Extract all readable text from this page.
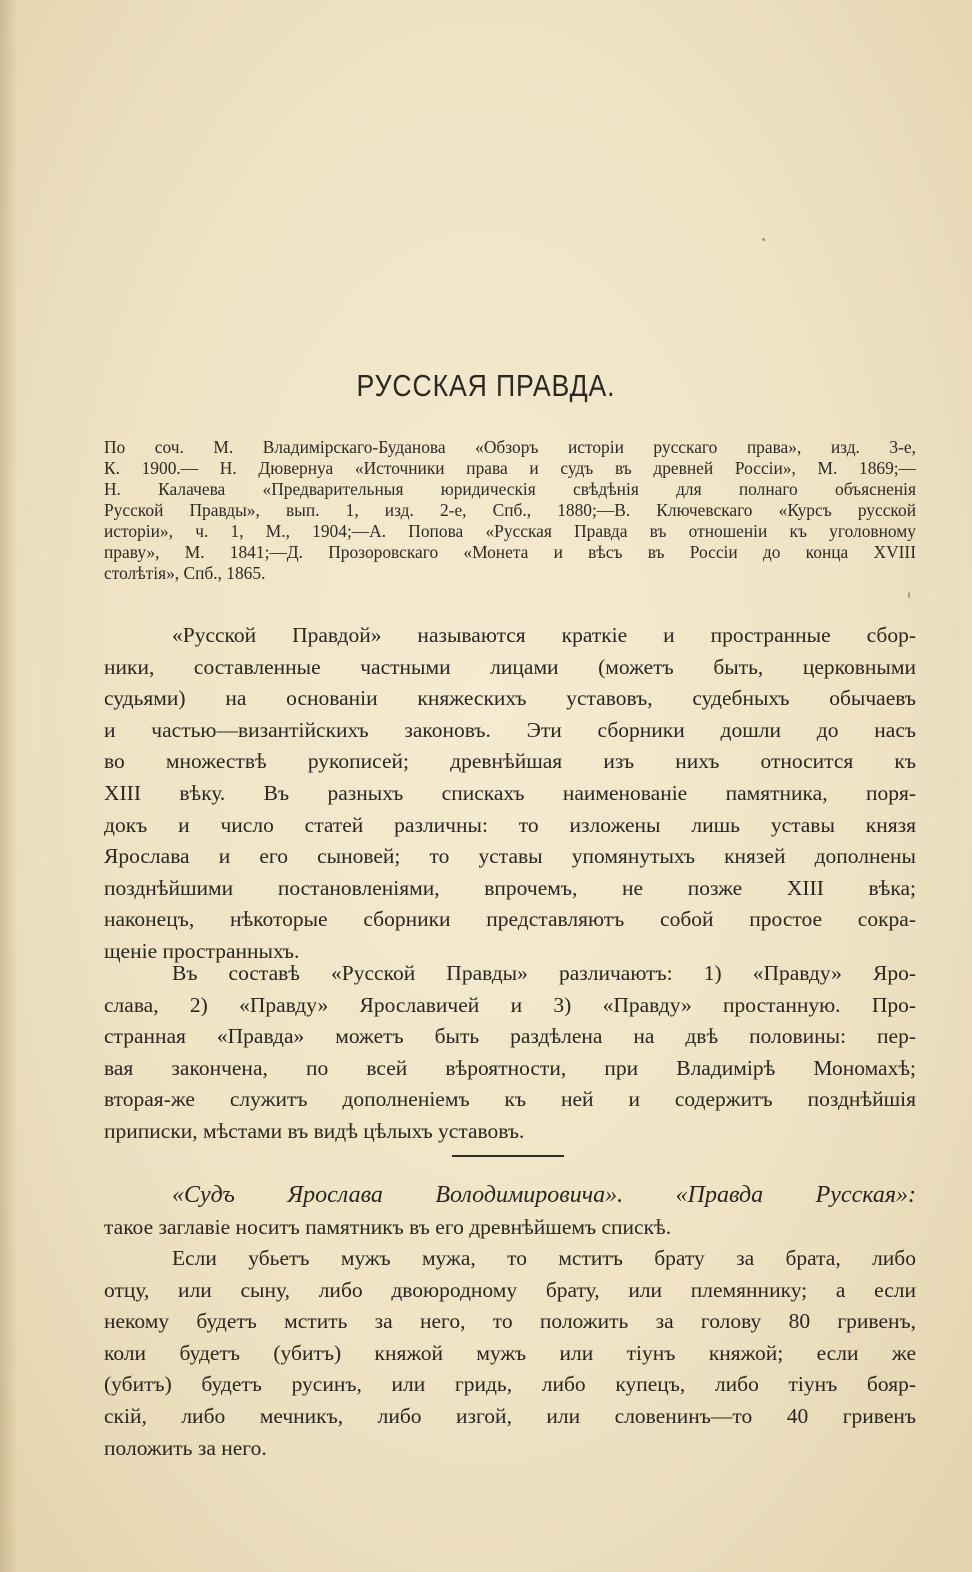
РУССКАЯ ПРАВДА.
По соч. М. Владимірскаго-Буданова «Обзоръ исторіи русскаго права», изд. 3-е,
К. 1900.— Н. Дювернуа «Источники права и судъ въ древней Россіи», М. 1869;—
Н. Калачева «Предварительныя юридическія свѣдѣнія для полнаго объясненія
Русской Правды», вып. 1, изд. 2-е, Спб., 1880;—В. Ключевскаго «Курсъ русской
исторіи», ч. 1, М., 1904;—А. Попова «Русская Правда въ отношеніи къ уголовному
праву», М. 1841;—Д. Прозоровскаго «Монета и вѣсъ въ Россіи до конца XVIII
столѣтія», Спб., 1865.
«Русской Правдой» называются краткіе и пространные сбор-
ники, составленные частными лицами (можетъ быть, церковными
судьями) на основаніи княжескихъ уставовъ, судебныхъ обычаевъ
и частью—византійскихъ законовъ. Эти сборники дошли до насъ
во множествѣ рукописей; древнѣйшая изъ нихъ относится къ
XIII вѣку. Въ разныхъ спискахъ наименованіе памятника, поря-
докъ и число статей различны: то изложены лишь уставы князя
Ярослава и его сыновей; то уставы упомянутыхъ князей дополнены
позднѣйшими постановленіями, впрочемъ, не позже XIII вѣка;
наконецъ, нѣкоторые сборники представляютъ собой простое сокра-
щеніе пространныхъ.
Въ составѣ «Русской Правды» различаютъ: 1) «Правду» Яро-
слава, 2) «Правду» Ярославичей и 3) «Правду» простанную. Про-
странная «Правда» можетъ быть раздѣлена на двѣ половины: пер-
вая закончена, по всей вѣроятности, при Владимірѣ Мономахѣ;
вторая-же служитъ дополненіемъ къ ней и содержитъ позднѣйшія
приписки, мѣстами въ видѣ цѣлыхъ уставовъ.
«Судъ Ярослава Володимировича». «Правда Русская»:
такое заглавіе носитъ памятникъ въ его древнѣйшемъ спискѣ.
Если убьетъ мужъ мужа, то мститъ брату за брата, либо
отцу, или сыну, либо двоюродному брату, или племяннику; а если
некому будетъ мстить за него, то положить за голову 80 гривенъ,
коли будетъ (убитъ) княжой мужъ или тіунъ княжой; если же
(убитъ) будетъ русинъ, или гридь, либо купецъ, либо тіунъ бояр-
скій, либо мечникъ, либо изгой, или словенинъ—то 40 гривенъ
положить за него.
